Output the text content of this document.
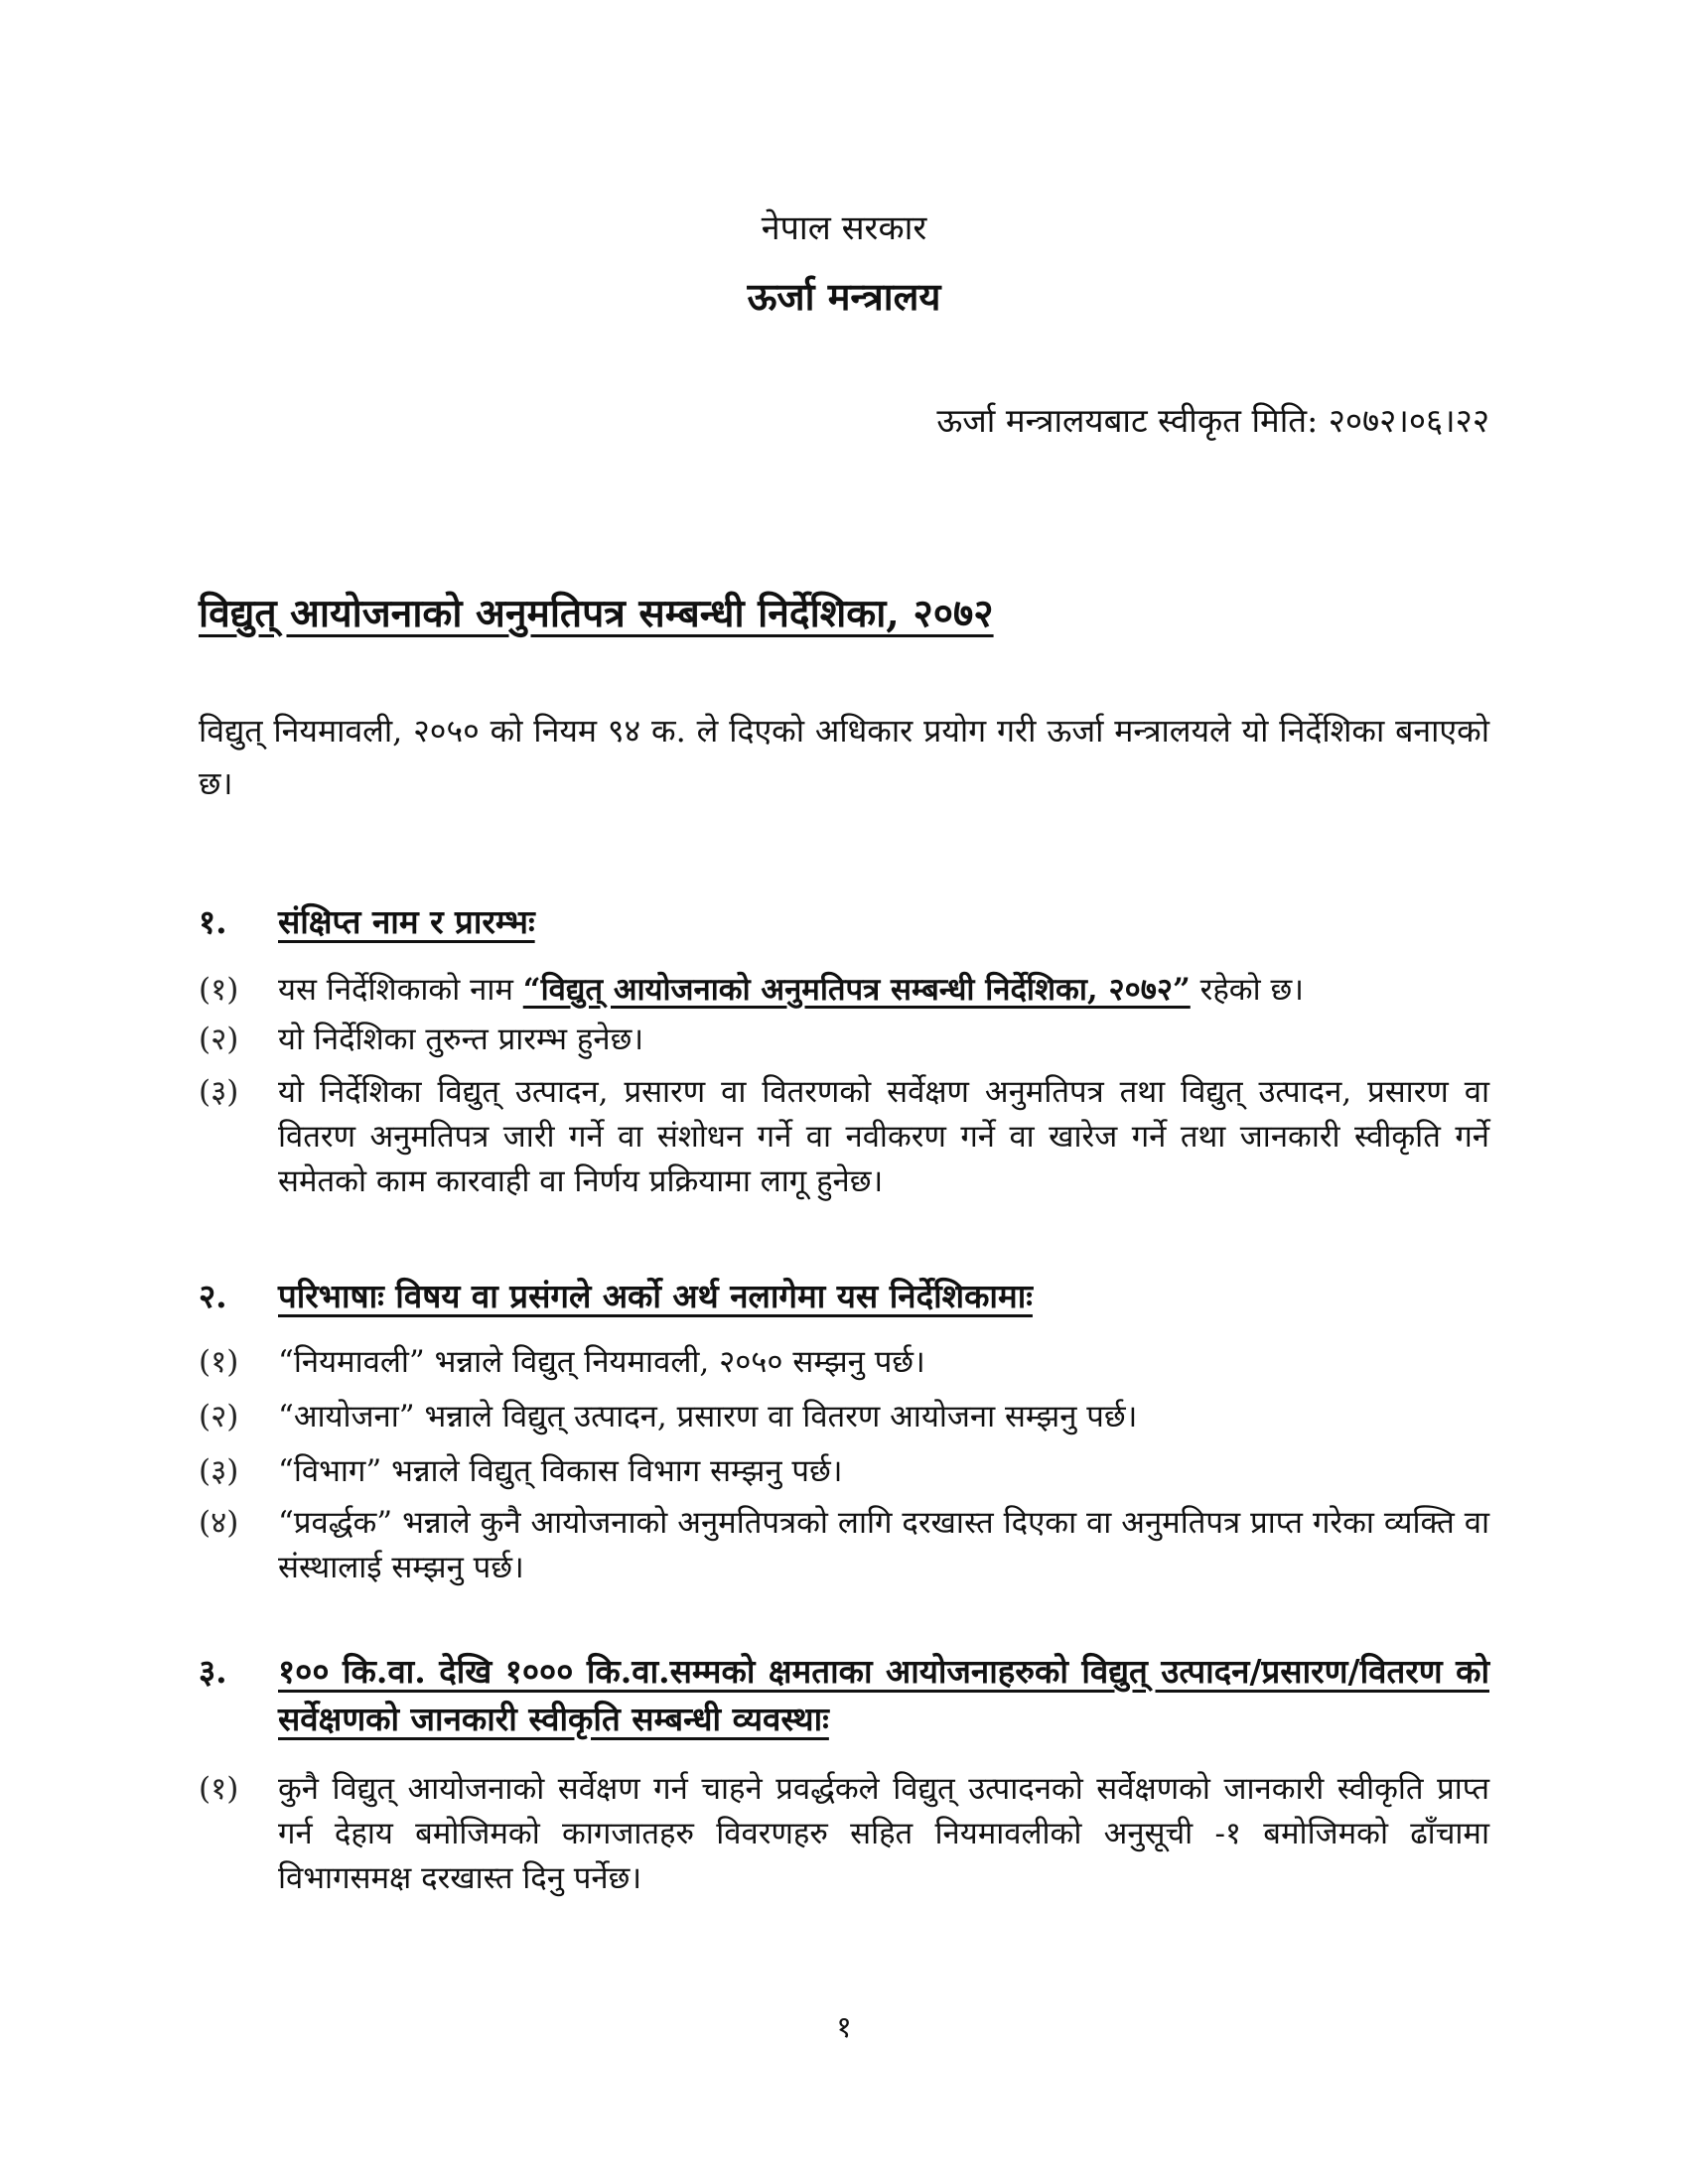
नेपाल सरकार
ऊर्जा मन्त्रालय
ऊर्जा मन्त्रालयबाट स्वीकृत मिति: २०७२।०६।२२
विद्युत् आयोजनाको अनुमतिपत्र सम्बन्धी निर्देशिका, २०७२
विद्युत् नियमावली, २०५० को नियम ९४ क. ले दिएको अधिकार प्रयोग गरी ऊर्जा मन्त्रालयले यो निर्देशिका बनाएको छ।
१.	संक्षिप्त नाम र प्रारम्भः
(१)	यस निर्देशिकाको नाम “विद्युत् आयोजनाको अनुमतिपत्र सम्बन्धी निर्देशिका, २०७२” रहेको छ।
(२)	यो निर्देशिका तुरुन्त प्रारम्भ हुनेछ।
(३)	यो निर्देशिका विद्युत् उत्पादन, प्रसारण वा वितरणको सर्वेक्षण अनुमतिपत्र तथा विद्युत् उत्पादन, प्रसारण वा वितरण अनुमतिपत्र जारी गर्ने वा संशोधन गर्ने वा नवीकरण गर्ने वा खारेज गर्ने तथा जानकारी स्वीकृति गर्ने समेतको काम कारवाही वा निर्णय प्रक्रियामा लागू हुनेछ।
२.	परिभाषाः विषय वा प्रसंगले अर्को अर्थ नलागेमा यस निर्देशिकामाः
(१)	“नियमावली” भन्नाले विद्युत् नियमावली, २०५० सम्झनु पर्छ।
(२)	“आयोजना” भन्नाले विद्युत् उत्पादन, प्रसारण वा वितरण आयोजना सम्झनु पर्छ।
(३)	“विभाग” भन्नाले विद्युत् विकास विभाग सम्झनु पर्छ।
(४)	“प्रवर्द्धक” भन्नाले कुनै आयोजनाको अनुमतिपत्रको लागि दरखास्त दिएका वा अनुमतिपत्र प्राप्त गरेका व्यक्ति वा संस्थालाई सम्झनु पर्छ।
३.	१०० कि.वा. देखि १००० कि.वा.सम्मको क्षमताका आयोजनाहरुको विद्युत् उत्पादन/प्रसारण/वितरण को सर्वेक्षणको जानकारी स्वीकृति सम्बन्धी व्यवस्थाः
(१)	कुनै विद्युत् आयोजनाको सर्वेक्षण गर्न चाहने प्रवर्द्धकले विद्युत् उत्पादनको सर्वेक्षणको जानकारी स्वीकृति प्राप्त गर्न देहाय बमोजिमको कागजातहरु विवरणहरु सहित नियमावलीको अनुसूची -१ बमोजिमको ढाँचामा विभागसमक्ष दरखास्त दिनु पर्नेछ।
१
